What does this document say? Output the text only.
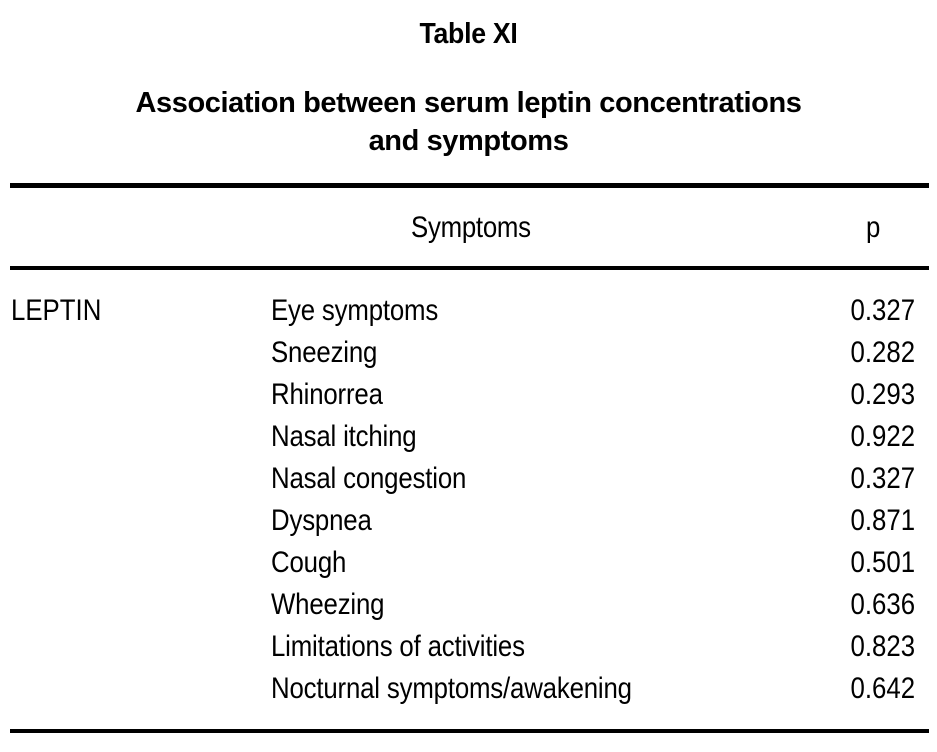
Table XI
Association between serum leptin concentrations
and symptoms
Symptoms	p
LEPTIN	Eye symptoms	0.327
Sneezing	0.282
Rhinorrea	0.293
Nasal itching	0.922
Nasal congestion	0.327
Dyspnea	0.871
Cough	0.501
Wheezing	0.636
Limitations of activities	0.823
Nocturnal symptoms/awakening	0.642
